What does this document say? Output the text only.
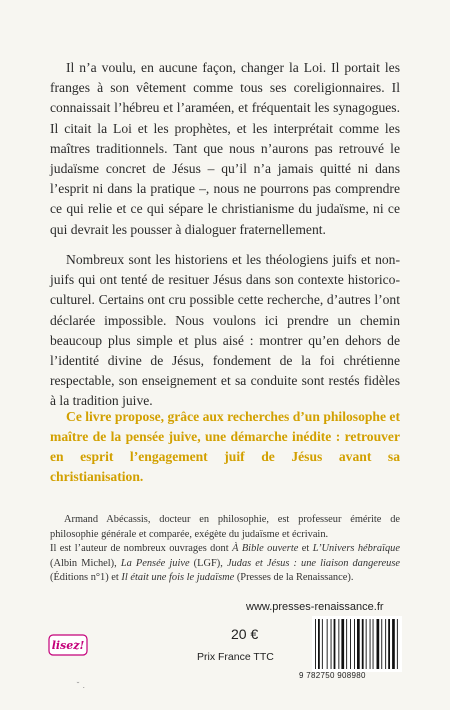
Il n’a voulu, en aucune façon, changer la Loi. Il portait les franges à son vêtement comme tous ses coreligionnaires. Il connaissait l’hébreu et l’araméen, et fréquentait les synagogues. Il citait la Loi et les prophètes, et les interprétait comme les maîtres traditionnels. Tant que nous n’aurons pas retrouvé le judaïsme concret de Jésus – qu’il n’a jamais quitté ni dans l’esprit ni dans la pratique –, nous ne pourrons pas comprendre ce qui relie et ce qui sépare le christianisme du judaïsme, ni ce qui devrait les pousser à dialoguer fraternellement.

Nombreux sont les historiens et les théologiens juifs et non-juifs qui ont tenté de resituer Jésus dans son contexte historico-culturel. Certains ont cru possible cette recherche, d’autres l’ont déclarée impossible. Nous voulons ici prendre un chemin beaucoup plus simple et plus aisé : montrer qu’en dehors de l’identité divine de Jésus, fondement de la foi chrétienne respectable, son enseignement et sa conduite sont restés fidèles à la tradition juive.

Ce livre propose, grâce aux recherches d’un philosophe et maître de la pensée juive, une démarche inédite : retrouver en esprit l’engagement juif de Jésus avant sa christianisation.

Armand Abécassis, docteur en philosophie, est professeur émérite de philosophie générale et comparée, exégète du judaïsme et écrivain.
Il est l’auteur de nombreux ouvrages dont À Bible ouverte et L’Univers hébraïque (Albin Michel), La Pensée juive (LGF), Judas et Jésus : une liaison dangereuse (Éditions n°1) et Il était une fois le judaïsme (Presses de la Renaissance).

www.presses-renaissance.fr
lisez!
20 €
Prix France TTC
9 782750 908980
˘ .
